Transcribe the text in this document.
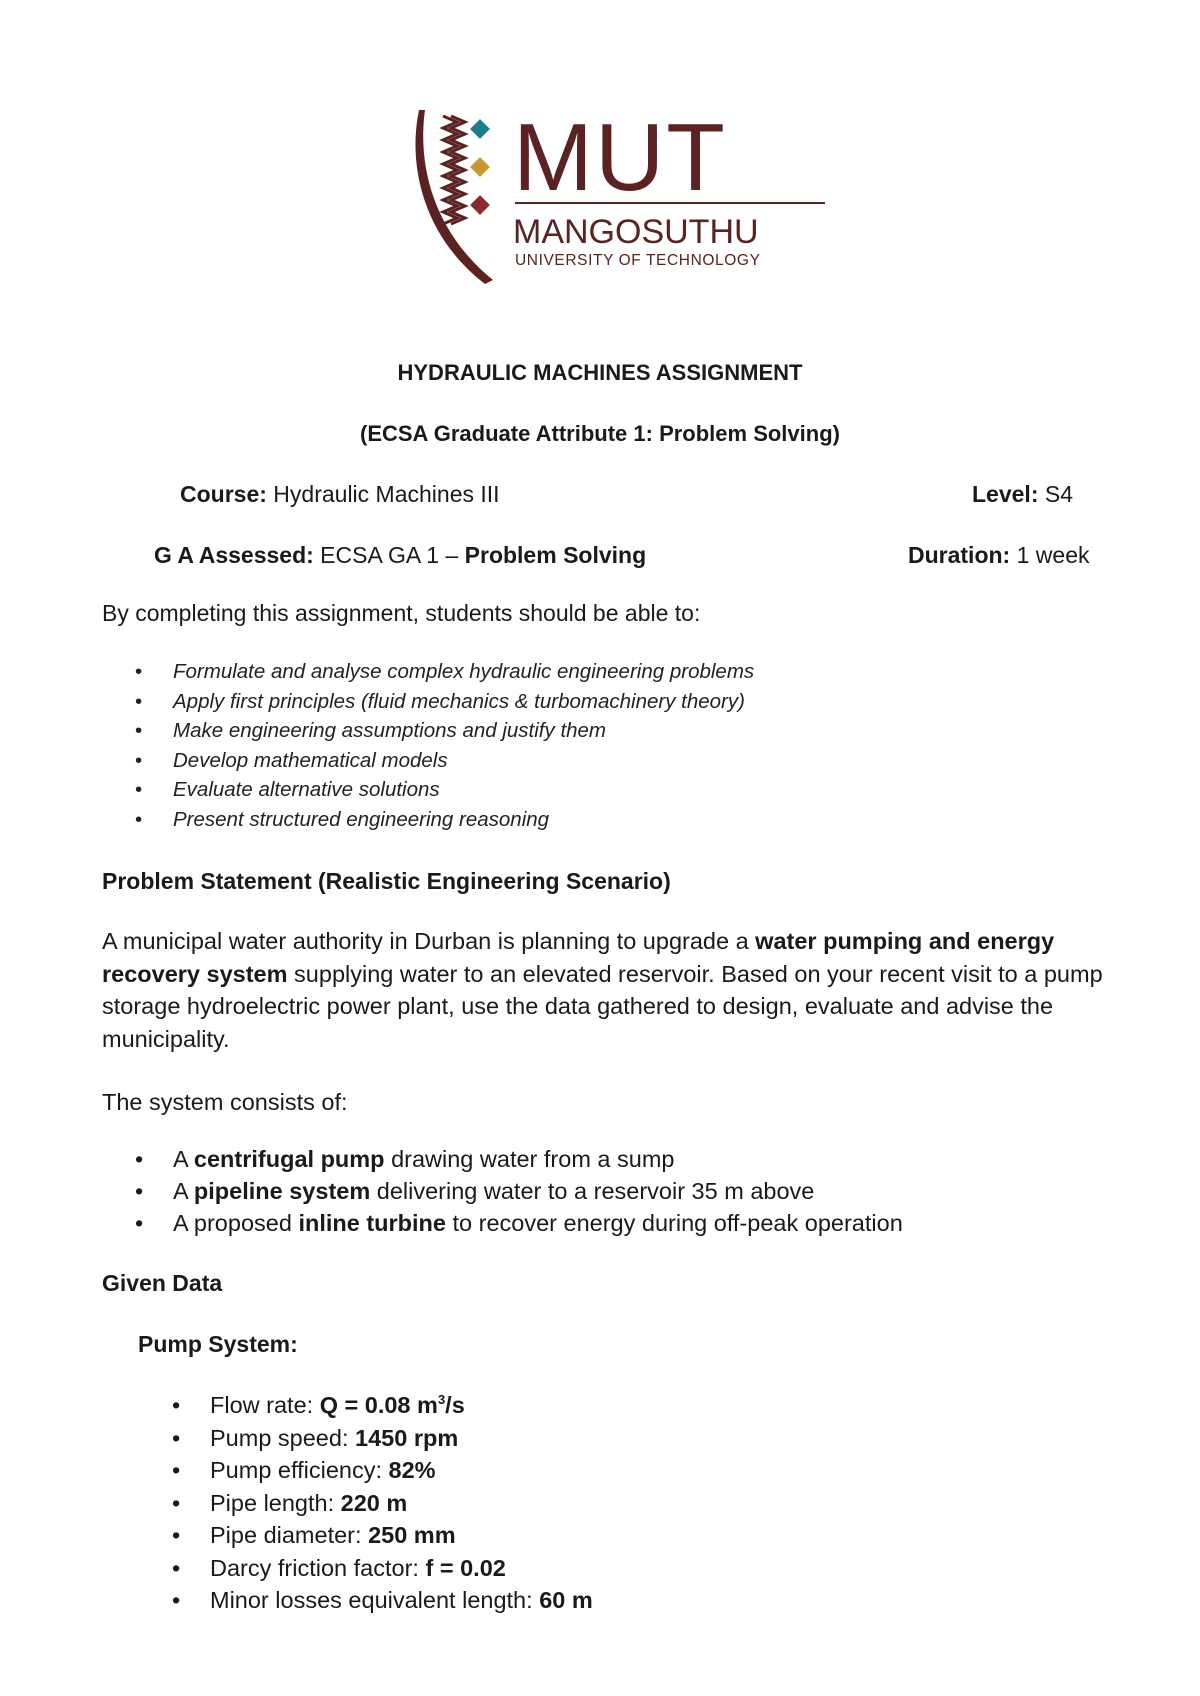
MUT
MANGOSUTHU
UNIVERSITY OF TECHNOLOGY
HYDRAULIC MACHINES ASSIGNMENT
(ECSA Graduate Attribute 1: Problem Solving)
Course: Hydraulic Machines III	Level: S4
G A Assessed: ECSA GA 1 – Problem Solving	Duration: 1 week
By completing this assignment, students should be able to:
• Formulate and analyse complex hydraulic engineering problems
• Apply first principles (fluid mechanics & turbomachinery theory)
• Make engineering assumptions and justify them
• Develop mathematical models
• Evaluate alternative solutions
• Present structured engineering reasoning
Problem Statement (Realistic Engineering Scenario)
A municipal water authority in Durban is planning to upgrade a water pumping and energy recovery system supplying water to an elevated reservoir. Based on your recent visit to a pump storage hydroelectric power plant, use the data gathered to design, evaluate and advise the municipality.
The system consists of:
• A centrifugal pump drawing water from a sump
• A pipeline system delivering water to a reservoir 35 m above
• A proposed inline turbine to recover energy during off-peak operation
Given Data
Pump System:
• Flow rate: Q = 0.08 $m^3/s$
• Pump speed: 1450 rpm
• Pump efficiency: 82%
• Pipe length: 220 m
• Pipe diameter: 250 mm
• Darcy friction factor: f = 0.02
• Minor losses equivalent length: 60 m
